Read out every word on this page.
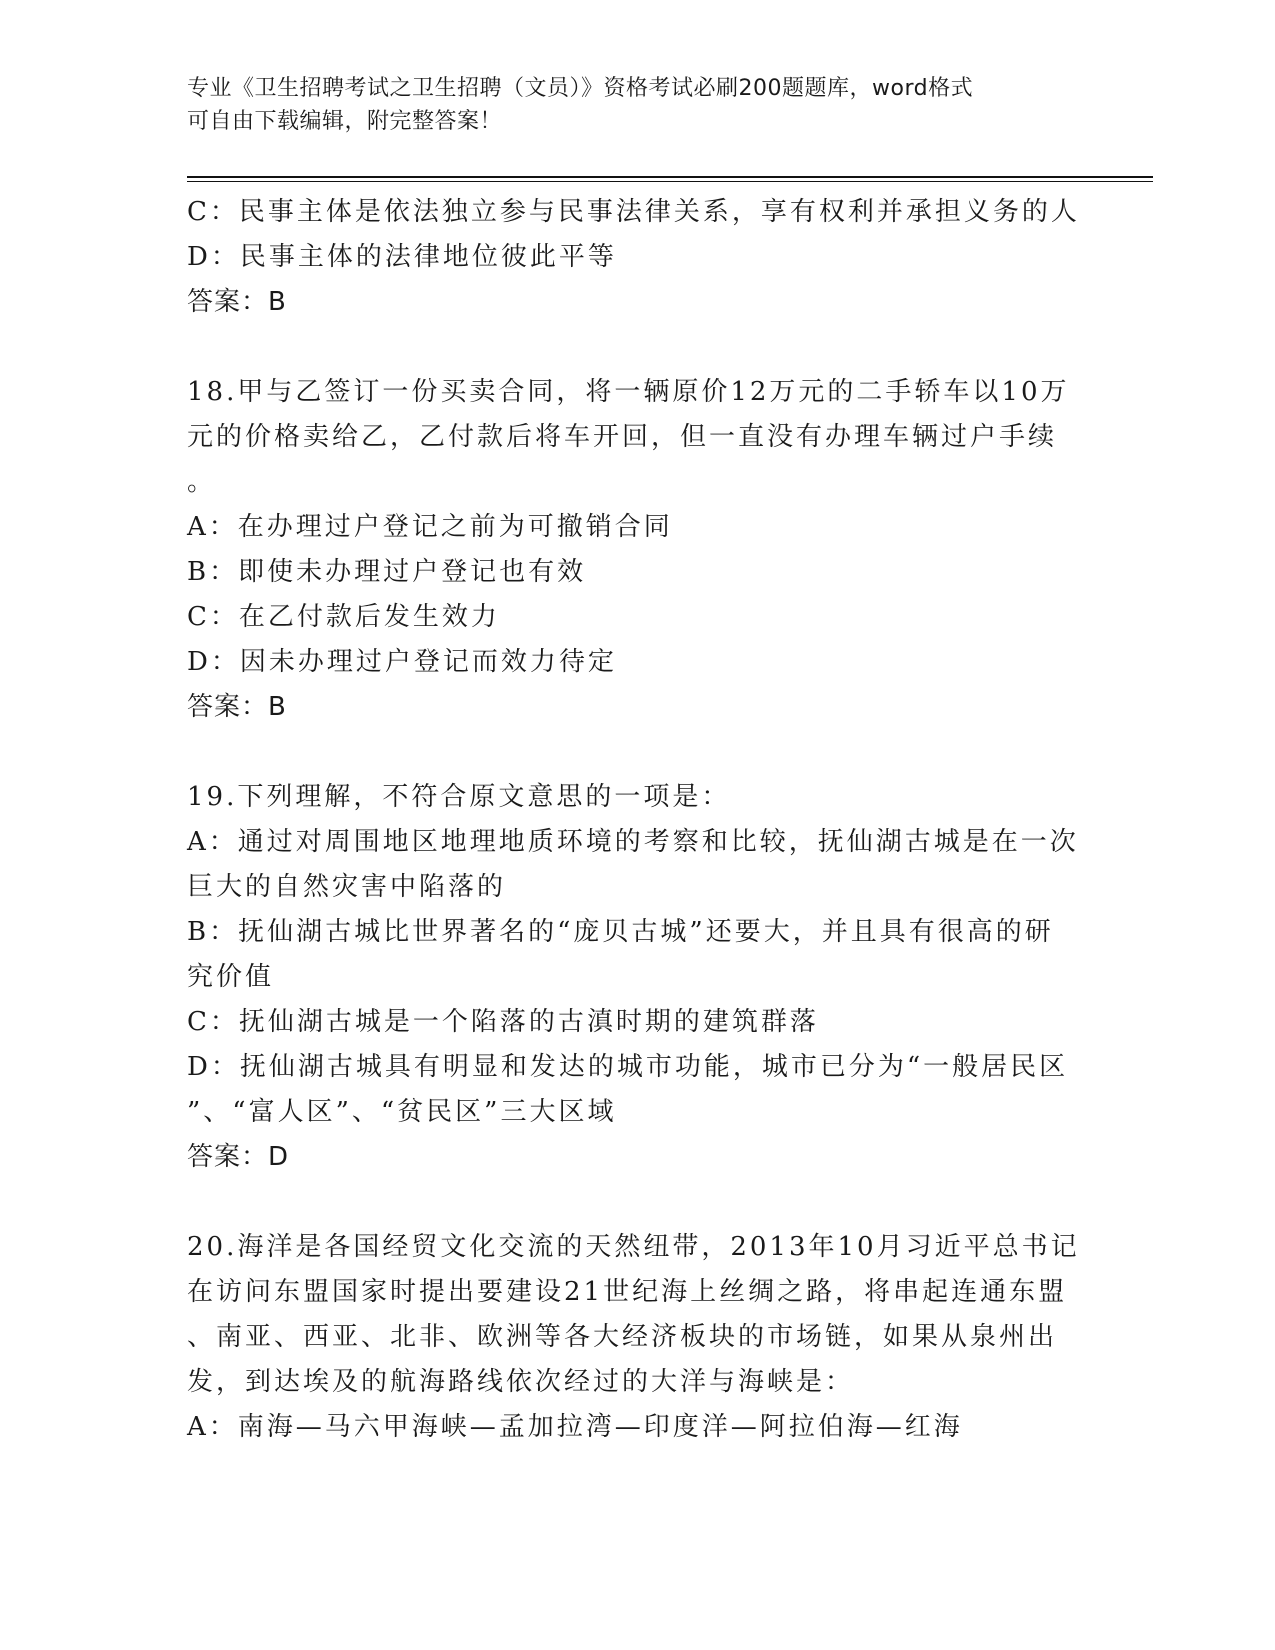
专业《卫生招聘考试之卫生招聘（文员）》资格考试必刷200题题库，word格式
可自由下载编辑，附完整答案！
C：民事主体是依法独立参与民事法律关系，享有权利并承担义务的人
D：民事主体的法律地位彼此平等
答案：B
18.甲与乙签订一份买卖合同，将一辆原价12万元的二手轿车以10万
元的价格卖给乙，乙付款后将车开回，但一直没有办理车辆过户手续
。
A：在办理过户登记之前为可撤销合同
B：即使未办理过户登记也有效
C：在乙付款后发生效力
D：因未办理过户登记而效力待定
答案：B
19.下列理解，不符合原文意思的一项是：
A：通过对周围地区地理地质环境的考察和比较，抚仙湖古城是在一次
巨大的自然灾害中陷落的
B：抚仙湖古城比世界著名的“庞贝古城”还要大，并且具有很高的研
究价值
C：抚仙湖古城是一个陷落的古滇时期的建筑群落
D：抚仙湖古城具有明显和发达的城市功能，城市已分为“一般居民区
”、“富人区”、“贫民区”三大区域
答案：D
20.海洋是各国经贸文化交流的天然纽带，2013年10月习近平总书记
在访问东盟国家时提出要建设21世纪海上丝绸之路，将串起连通东盟
、南亚、西亚、北非、欧洲等各大经济板块的市场链，如果从泉州出
发，到达埃及的航海路线依次经过的大洋与海峡是：
A：南海—马六甲海峡—孟加拉湾—印度洋—阿拉伯海—红海
